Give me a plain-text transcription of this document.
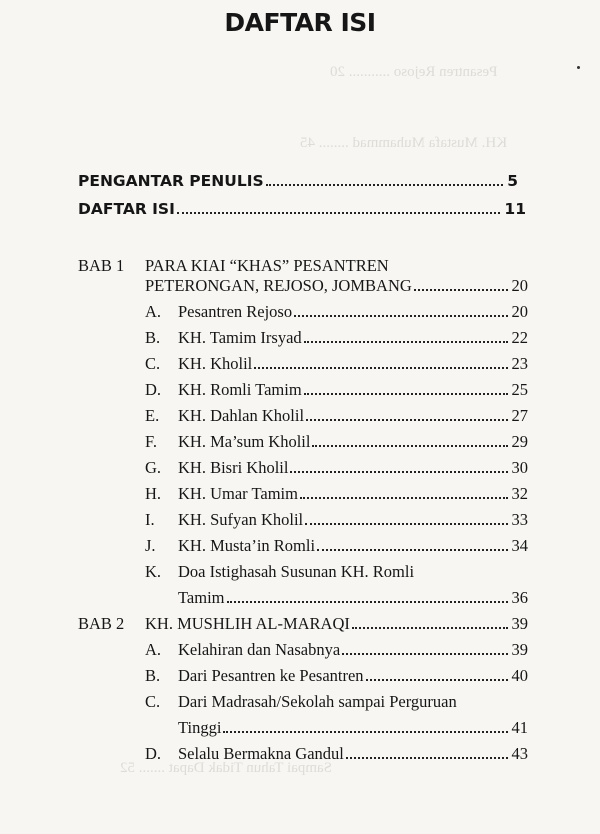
DAFTAR ISI
Pesantren Rejoso ........... 20
KH. Mustafa Muhammad ........ 45
Sampai Tahun Tidak Dapat ....... 52
PENGANTAR PENULIS	5
DAFTAR ISI	11
BAB 1 PARA KIAI “KHAS” PESANTREN
PETERONGAN, REJOSO, JOMBANG	20
A.	Pesantren Rejoso	20
B.	KH. Tamim Irsyad	22
C.	KH. Kholil	23
D.	KH. Romli Tamim	25
E.	KH. Dahlan Kholil	27
F.	KH. Ma’sum Kholil	29
G.	KH. Bisri Kholil	30
H.	KH. Umar Tamim	32
I.	KH. Sufyan Kholil	33
J.	KH. Musta’in Romli	34
K. Doa Istighasah Susunan KH. Romli
Tamim	36
BAB 2 KH. MUSHLIH AL-MARAQI	39
A.	Kelahiran dan Nasabnya	39
B.	Dari Pesantren ke Pesantren	40
C. Dari Madrasah/Sekolah sampai Perguruan
Tinggi	41
D.	Selalu Bermakna Gandul	43
